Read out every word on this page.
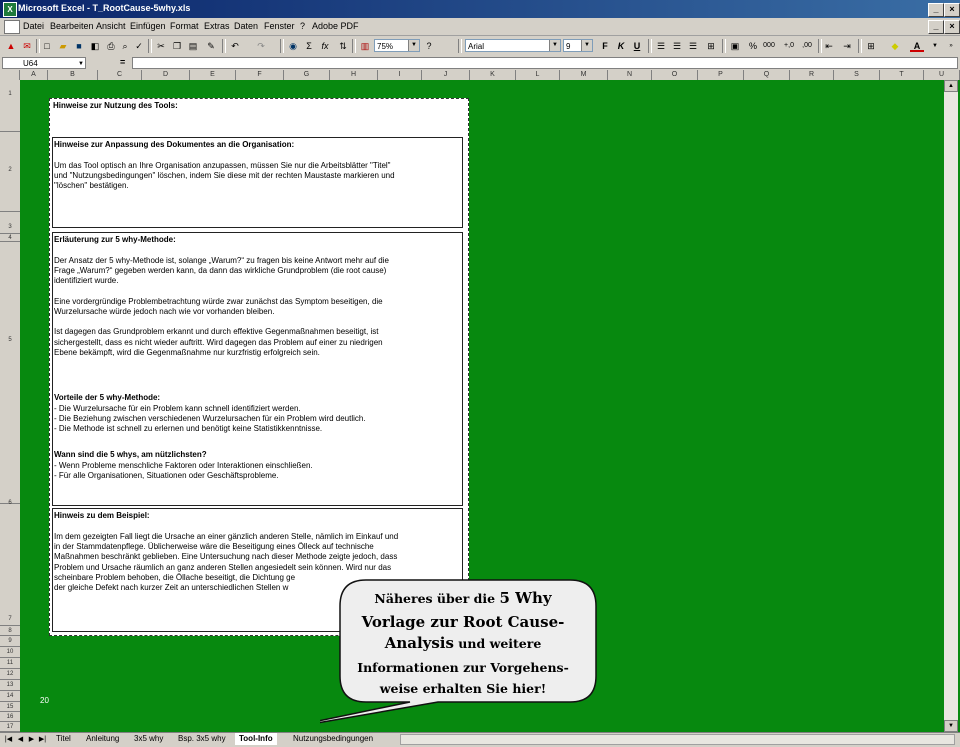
X Microsoft Excel - T_RootCause-5why.xls	_	×
Datei Bearbeiten Ansicht Einfügen Format Extras Daten Fenster ? Adobe PDF	_	×
▲ ✉	□	▰	■	◧ ⎙ ⌕ ✓	✂ ❐ ▤	✎	↶	↷	◉	Σ	fx	⇅	▥ 75%	▼	?	Arial	▼	9	▼	F	K	U	☰ ☰ ☰	⊞	▣	% 000 +,0	,00	⇤	⇥	⊞	◆	A	▼	»
U64	▼	=
A	B	C	D	E	F	G	H	I	J	K	L	M	N	O	P	Q	R	S	T	U
1
2
3
4
5
6
7
8
9
10
11
12
13
14
15
16
17
▲
▼
Hinweise zur Nutzung des Tools:
Hinweise zur Anpassung des Dokumentes an die Organisation:
Um das Tool optisch an Ihre Organisation anzupassen, müssen Sie nur die Arbeitsblätter "Titel"
und "Nutzungsbedingungen" löschen, indem Sie diese mit der rechten Maustaste markieren und
"löschen" bestätigen.
Erläuterung zur 5 why-Methode:
Der Ansatz der 5 why-Methode ist, solange „Warum?“ zu fragen bis keine Antwort mehr auf die
Frage „Warum?“ gegeben werden kann, da dann das wirkliche Grundproblem (die root cause)
identifiziert wurde.

Eine vordergründige Problembetrachtung würde zwar zunächst das Symptom beseitigen, die
Wurzelursache würde jedoch nach wie vor vorhanden bleiben.

Ist dagegen das Grundproblem erkannt und durch effektive Gegenmaßnahmen beseitigt, ist
sichergestellt, dass es nicht wieder auftritt. Wird dagegen das Problem auf einer zu niedrigen
Ebene bekämpft, wird die Gegenmaßnahme nur kurzfristig erfolgreich sein.
Vorteile der 5 why-Methode:
- Die Wurzelursache für ein Problem kann schnell identifiziert werden.
- Die Beziehung zwischen verschiedenen Wurzelursachen für ein Problem wird deutlich.
- Die Methode ist schnell zu erlernen und benötigt keine Statistikkenntnisse.
Wann sind die 5 whys, am nützlichsten?
- Wenn Probleme menschliche Faktoren oder Interaktionen einschließen.
- Für alle Organisationen, Situationen oder Geschäftsprobleme.
Hinweis zu dem Beispiel:
Im dem gezeigten Fall liegt die Ursache an einer gänzlich anderen Stelle, nämlich im Einkauf und
in der Stammdatenpflege. Üblicherweise wäre die Beseitigung eines Ölleck auf technische
Maßnahmen beschränkt geblieben. Eine Untersuchung nach dieser Methode zeigte jedoch, dass
Problem und Ursache räumlich an ganz anderen Stellen angesiedelt sein können. Wird nur das
scheinbare Problem behoben, die Öllache beseitigt, die Dichtung ge
der gleiche Defekt nach kurzer Zeit an unterschiedlichen Stellen w
20
Näheres über die 5 Why
Vorlage zur Root Cause-
Analysis und weitere
Informationen zur Vorgehens-
weise erhalten Sie hier!
|◀ ◀ ▶ ▶|	Titel	Anleitung	3x5 why	Bsp. 3x5 why	Tool-Info	Nutzungsbedingungen
